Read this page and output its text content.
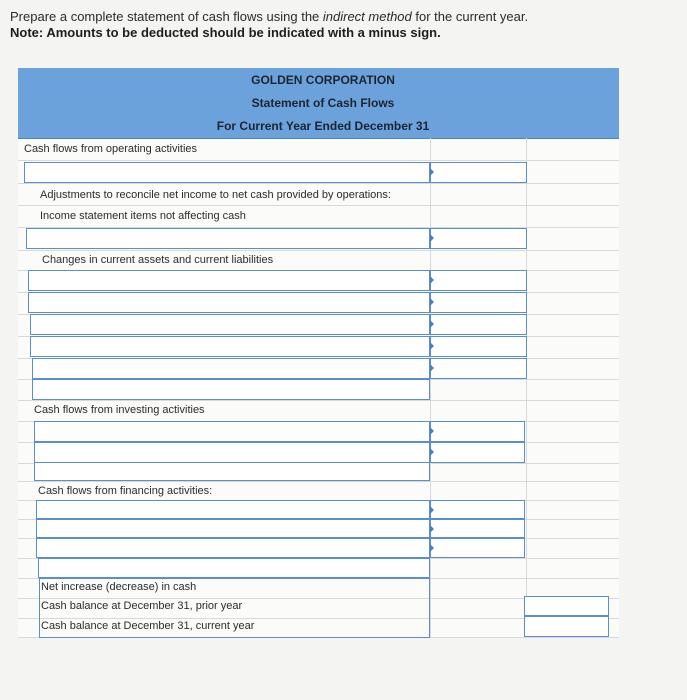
Prepare a complete statement of cash flows using the indirect method for the current year.
Note: Amounts to be deducted should be indicated with a minus sign.
GOLDEN CORPORATION
Statement of Cash Flows
For Current Year Ended December 31
Cash flows from operating activities
Adjustments to reconcile net income to net cash provided by operations:
Income statement items not affecting cash
Changes in current assets and current liabilities
Cash flows from investing activities
Cash flows from financing activities:
Net increase (decrease) in cash
Cash balance at December 31, prior year
Cash balance at December 31, current year
